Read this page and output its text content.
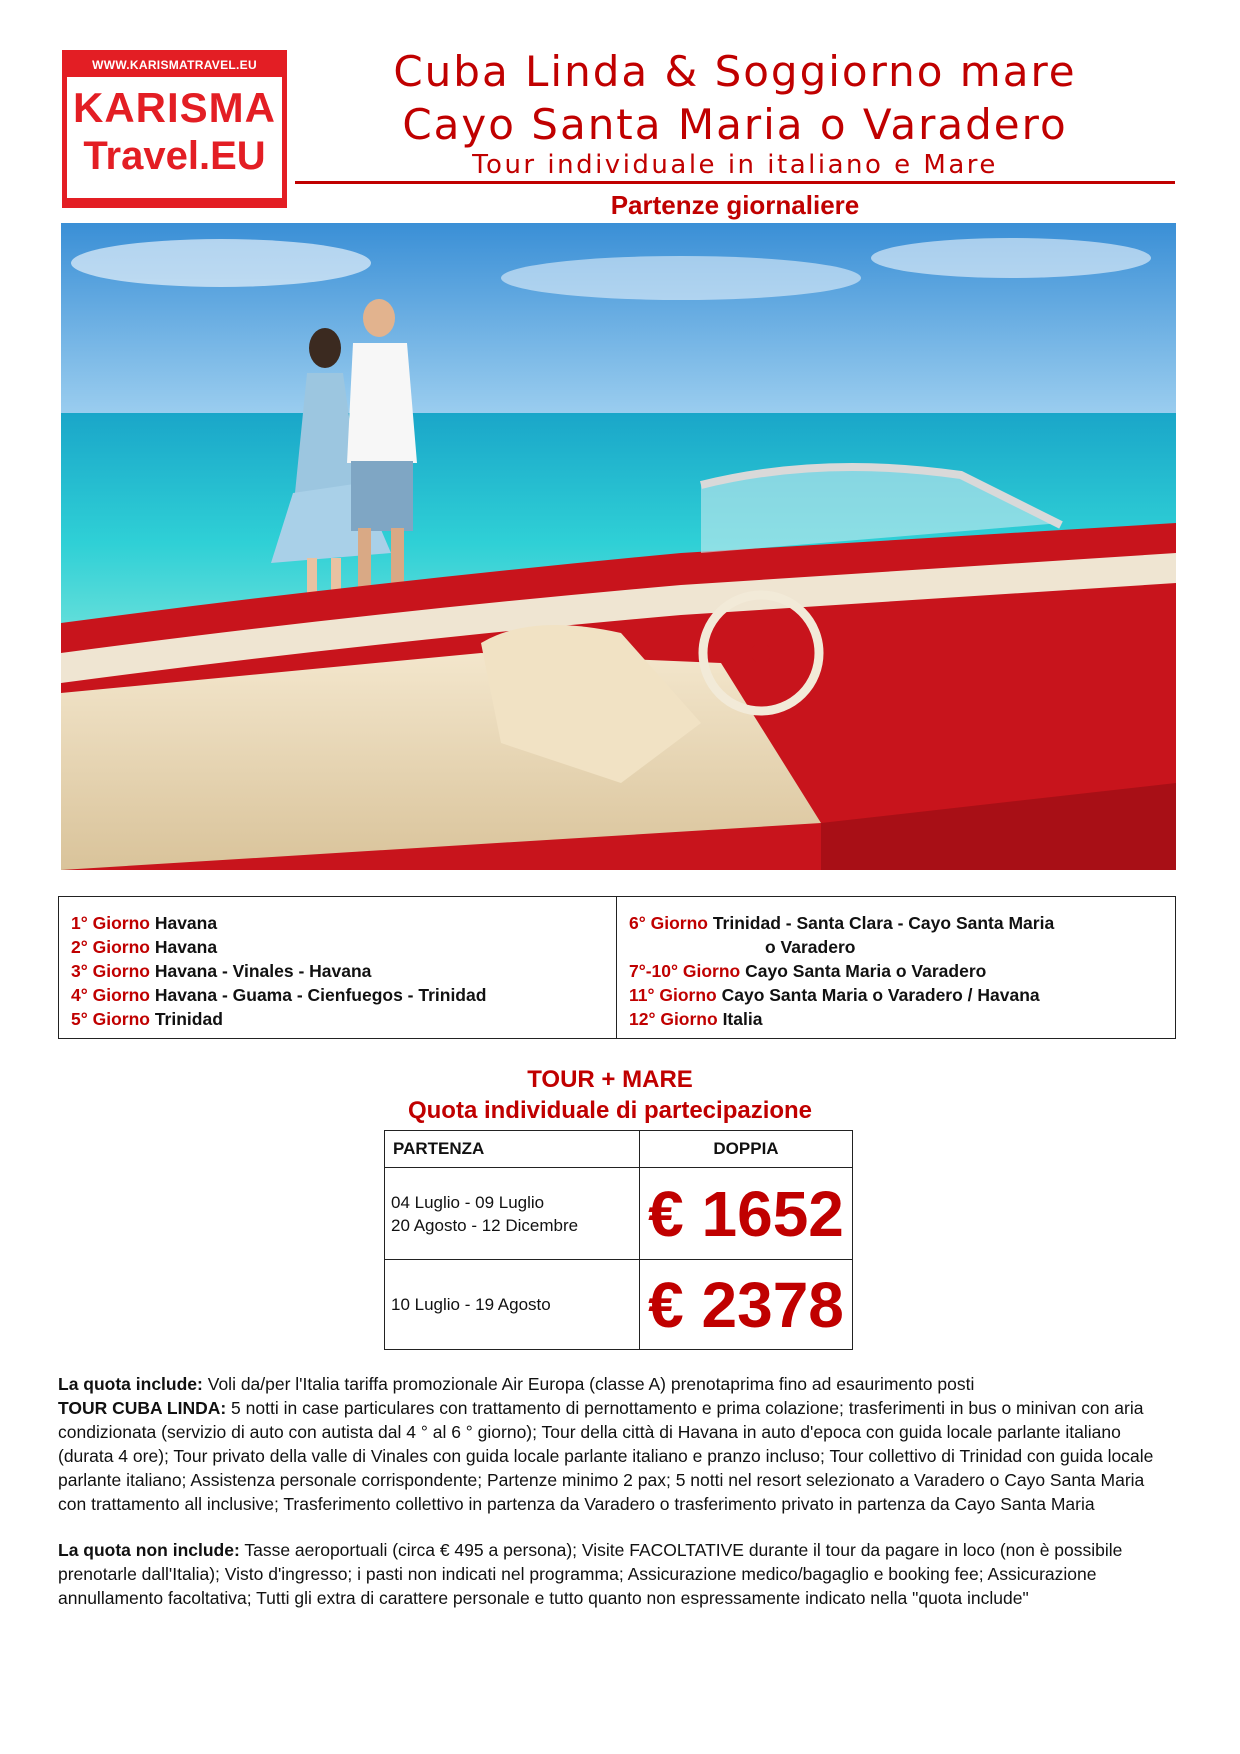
WWW.KARISMATRAVEL.EU
KARISMA
Travel.EU
Cuba Linda & Soggiorno mare
Cayo Santa Maria o Varadero
Tour individuale in italiano e Mare
Partenze giornaliere
1° Giorno Havana
2° Giorno Havana
3° Giorno Havana - Vinales - Havana
4° Giorno Havana - Guama - Cienfuegos - Trinidad
5° Giorno Trinidad
6° Giorno Trinidad - Santa Clara - Cayo Santa Maria
o Varadero
7°-10° Giorno Cayo Santa Maria o Varadero
11° Giorno Cayo Santa Maria o Varadero / Havana
12° Giorno Italia
TOUR + MARE
Quota individuale di partecipazione
PARTENZA	DOPPIA

04 Luglio - 09 Luglio
20 Agosto - 12 Dicembre	€ 1652

10 Luglio - 19 Agosto	€ 2378

La quota include: Voli da/per l'Italia tariffa promozionale Air Europa (classe A) prenotaprima fino ad esaurimento posti
TOUR CUBA LINDA: 5 notti in case particulares con trattamento di pernottamento e prima colazione; trasferimenti in bus o minivan con aria condizionata (servizio di auto con autista dal 4 ° al 6 ° giorno); Tour della città di Havana in auto d'epoca con guida locale parlante italiano (durata 4 ore); Tour privato della valle di Vinales con guida locale parlante italiano e pranzo incluso; Tour collettivo di Trinidad con guida locale parlante italiano; Assistenza personale corrispondente; Partenze minimo 2 pax; 5 notti nel resort selezionato a Varadero o Cayo Santa Maria con trattamento all inclusive; Trasferimento collettivo in partenza da Varadero o trasferimento privato in partenza da Cayo Santa Maria

La quota non include: Tasse aeroportuali (circa € 495 a persona); Visite FACOLTATIVE durante il tour da pagare in loco (non è possibile prenotarle dall'Italia); Visto d'ingresso; i pasti non indicati nel programma; Assicurazione medico/bagaglio e booking fee; Assicurazione annullamento facoltativa; Tutti gli extra di carattere personale e tutto quanto non espressamente indicato nella "quota include"
